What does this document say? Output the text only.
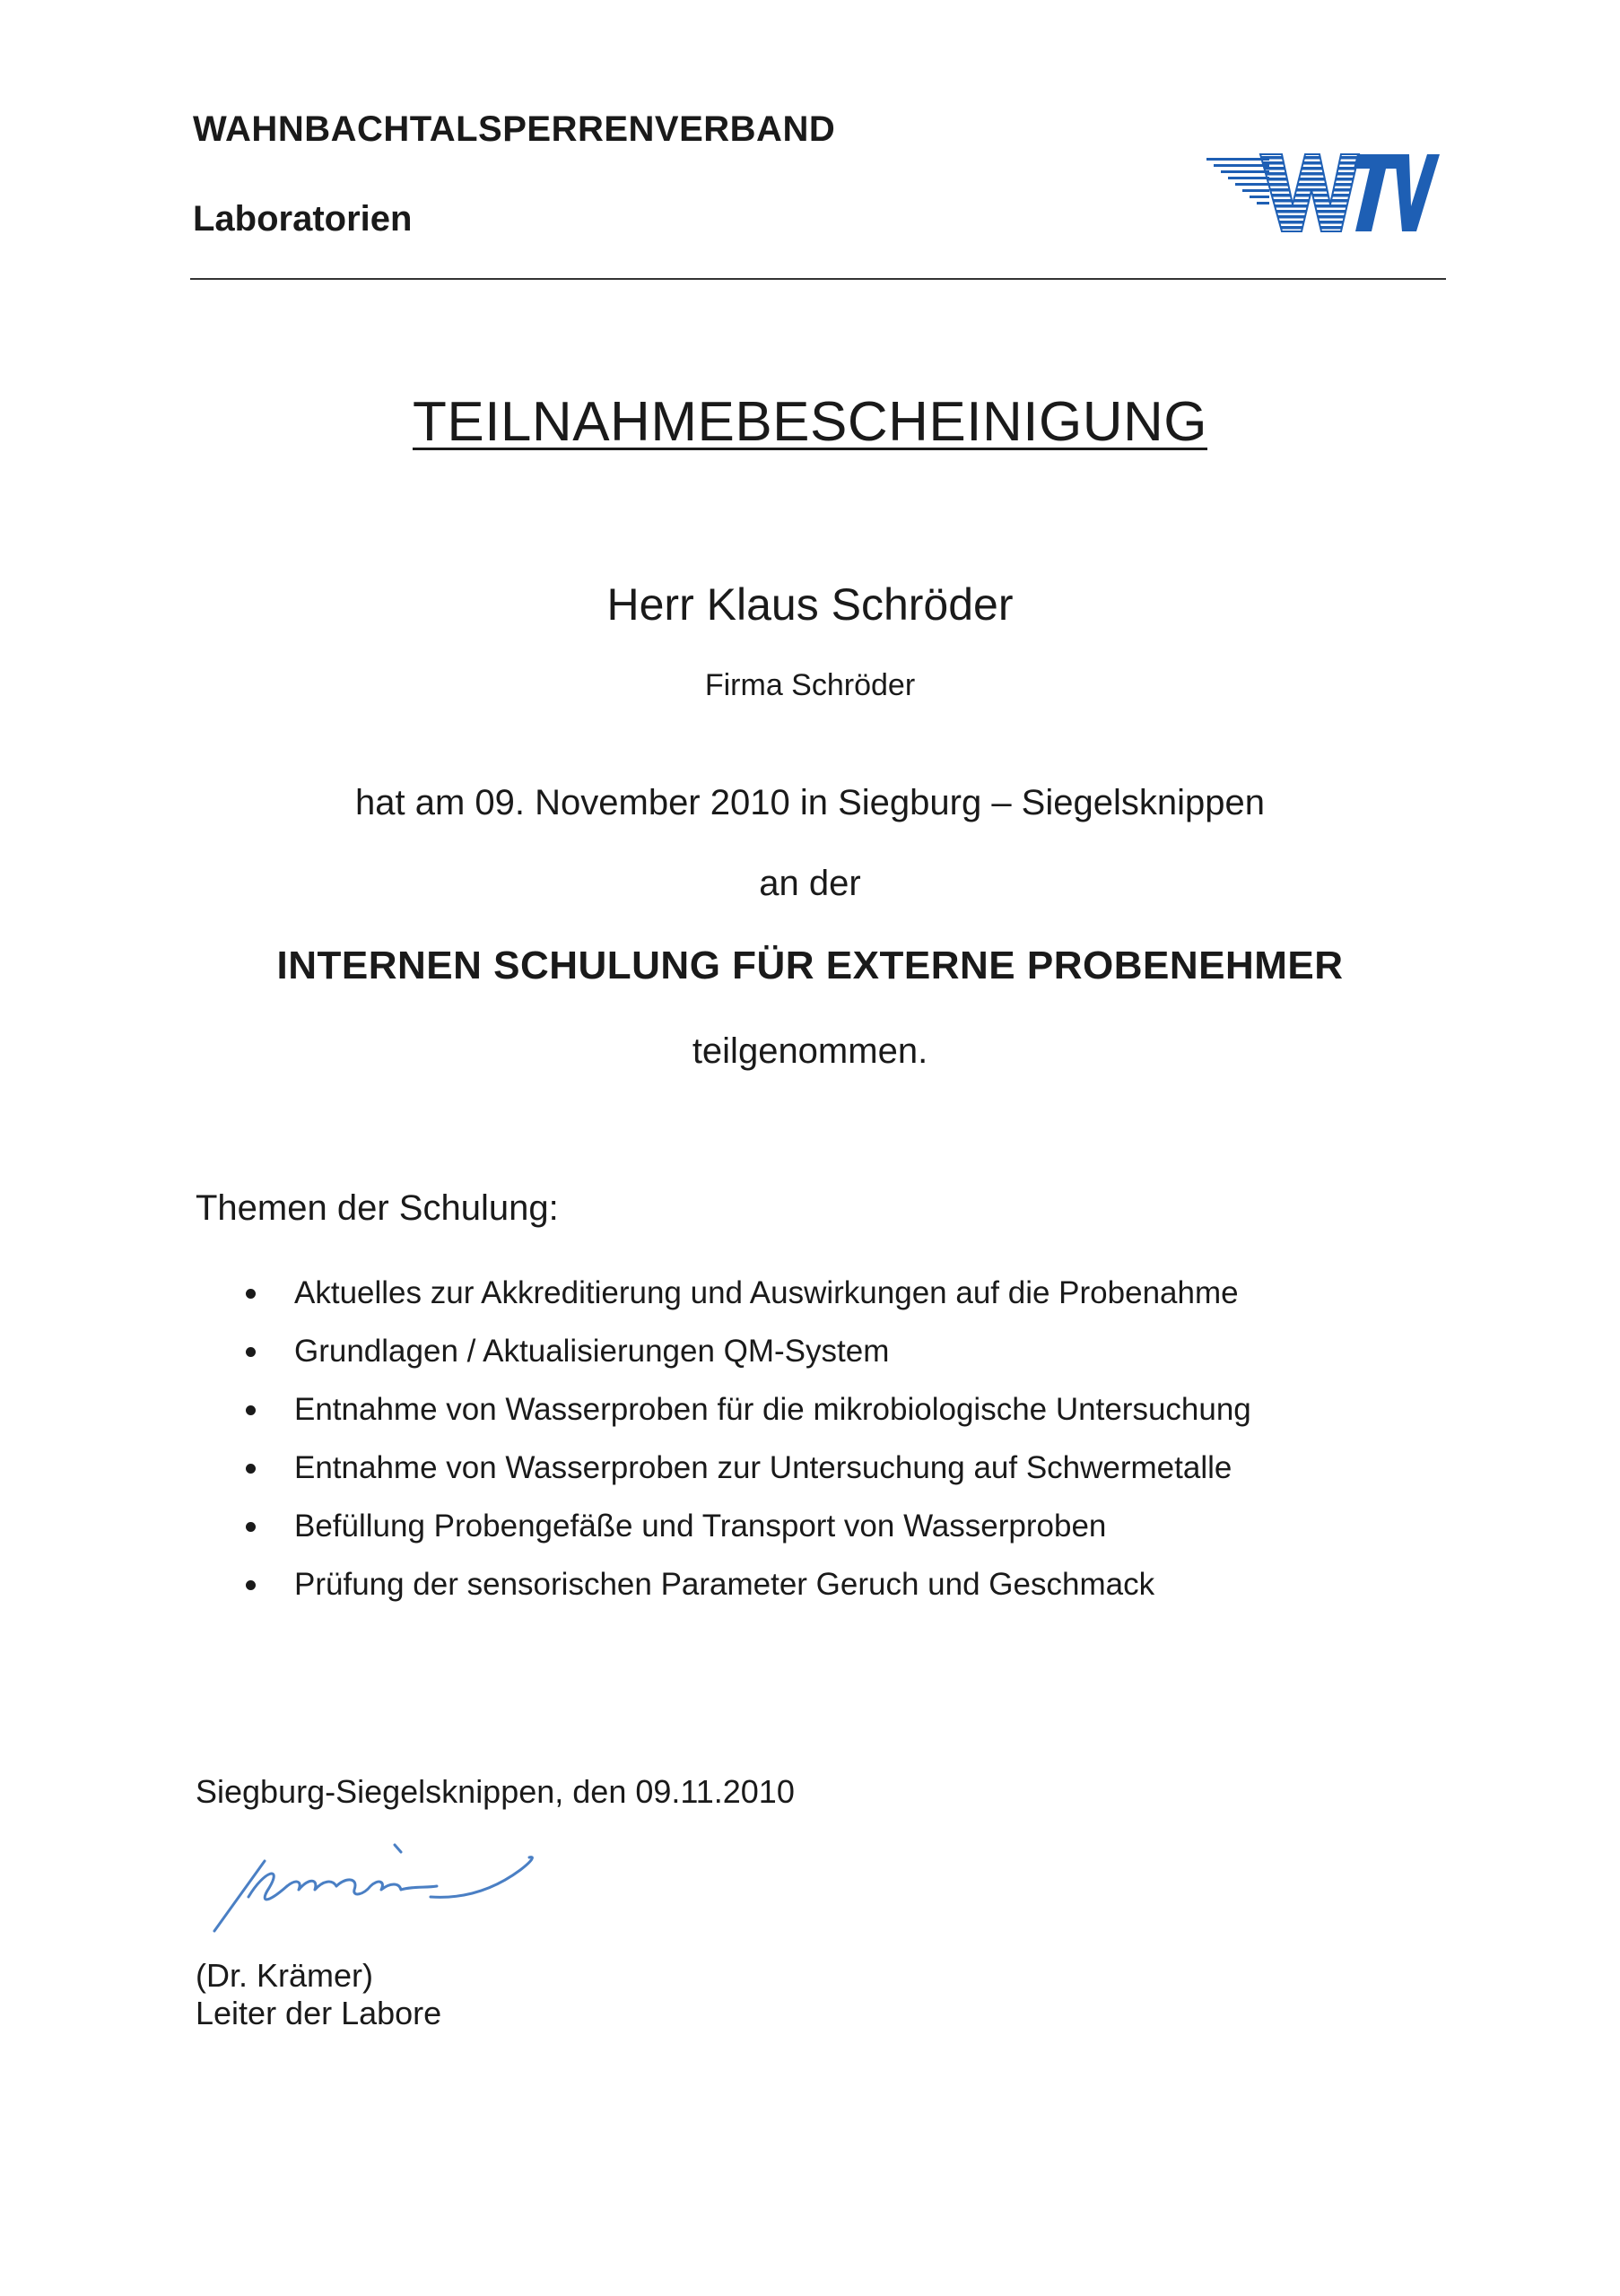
WAHNBACHTALSPERRENVERBAND
Laboratorien
TEILNAHMEBESCHEINIGUNG
Herr Klaus Schröder
Firma Schröder
hat am 09. November 2010 in Siegburg – Siegelsknippen
an der
INTERNEN SCHULUNG FÜR EXTERNE PROBENEHMER
teilgenommen.
Themen der Schulung:
Aktuelles zur Akkreditierung und Auswirkungen auf die Probenahme
Grundlagen / Aktualisierungen QM-System
Entnahme von Wasserproben für die mikrobiologische Untersuchung
Entnahme von Wasserproben zur Untersuchung auf Schwermetalle
Befüllung Probengefäße und Transport von Wasserproben
Prüfung der sensorischen Parameter Geruch und Geschmack
Siegburg-Siegelsknippen, den 09.11.2010
(Dr. Krämer)
Leiter der Labore
